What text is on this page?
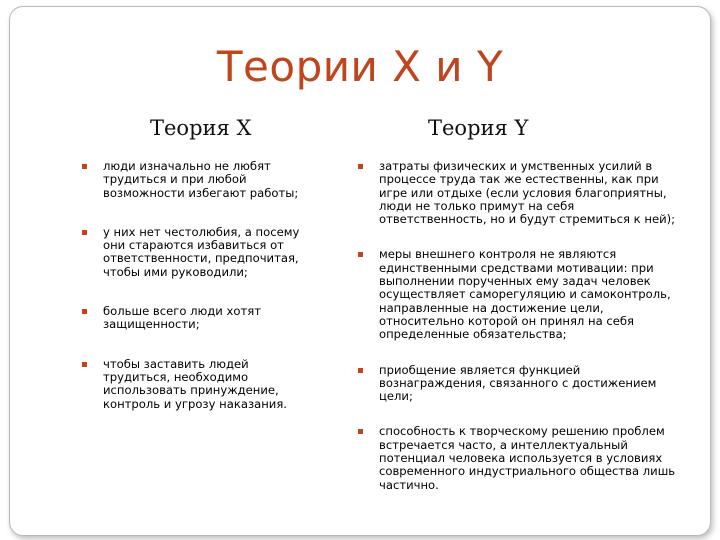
Теории X и Y
Теория X	Теория Y
люди изначально не любят трудиться и при любой возможности избегают работы;
у них нет честолюбия, а посему они стараются избавиться от ответственности, предпочитая, чтобы ими руководили;
больше всего люди хотят защищенности;
чтобы заставить людей трудиться, необходимо использовать принуждение, контроль и угрозу наказания.
затраты физических и умственных усилий в процессе труда так же естественны, как при игре или отдыхе (если условия благоприятны, люди не только примут на себя ответственность, но и будут стремиться к ней);
меры внешнего контроля не являются единственными средствами мотивации: при выполнении порученных ему задач человек осуществляет саморегуляцию и самоконтроль, направленные на достижение цели, относительно которой он принял на себя определенные обязательства;
приобщение является функцией вознаграждения, связанного с достижением цели;
способность к творческому решению проблем встречается часто, а интеллектуальный потенциал человека используется в условиях современного индустриального общества лишь частично.
